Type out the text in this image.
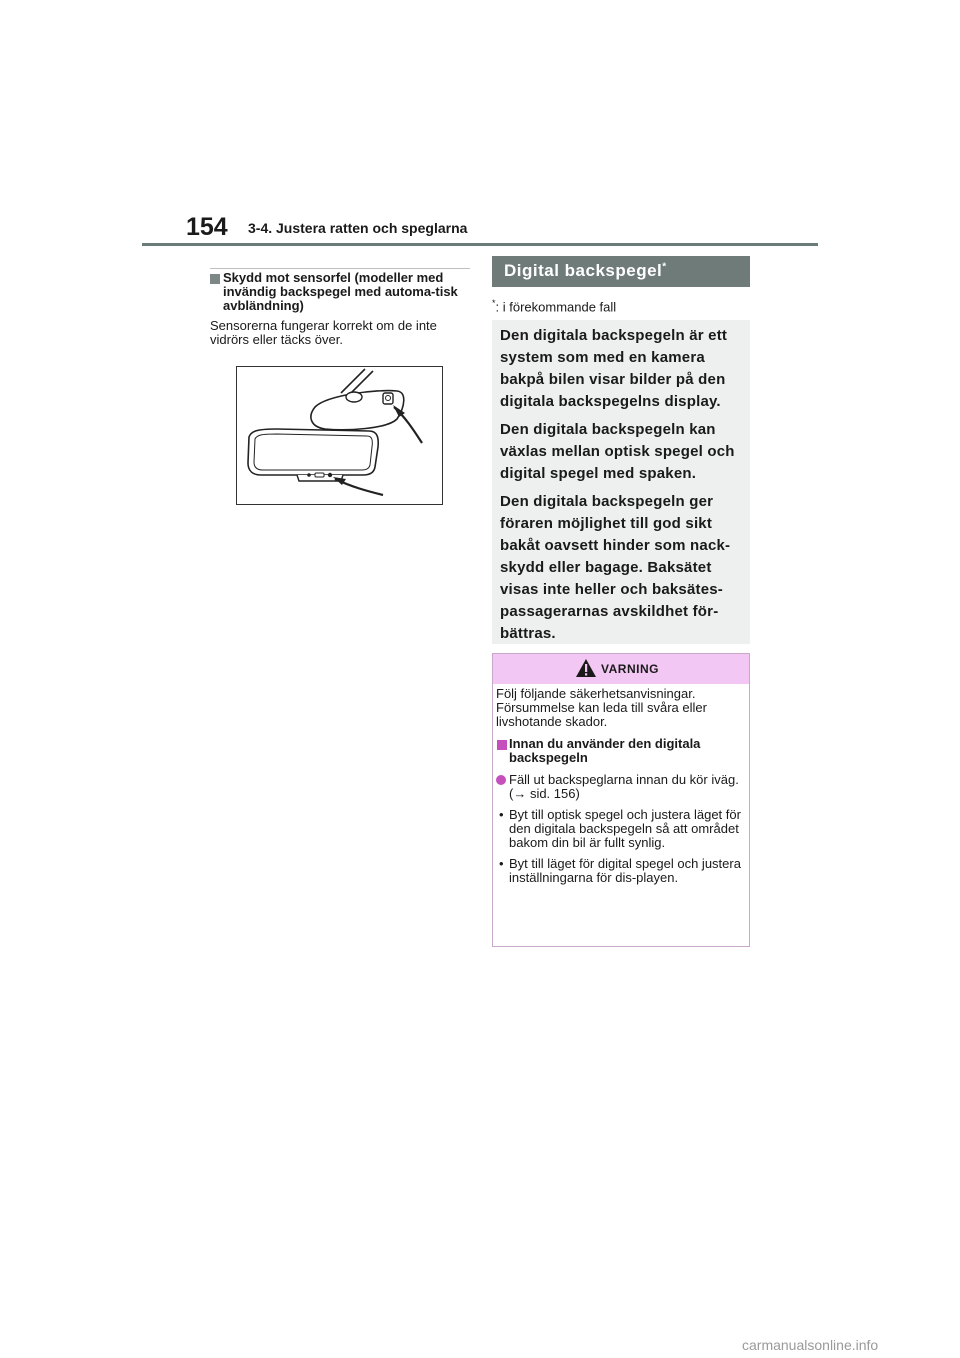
154 3-4. Justera ratten och speglarna
Skydd mot sensorfel (modeller med invändig backspegel med automa-tisk avbländning)
Sensorerna fungerar korrekt om de inte vidrörs eller täcks över.
Digital backspegel*
*: i förekommande fall

Den digitala backspegeln är ett system som med en kamera bakpå bilen visar bilder på den digitala backspegelns display.

Den digitala backspegeln kan växlas mellan optisk spegel och digital spegel med spaken.

Den digitala backspegeln ger föraren möjlighet till god sikt bakåt oavsett hinder som nack-skydd eller bagage. Baksätet visas inte heller och baksätes-passagerarnas avskildhet för-bättras.

VARNING

Följ följande säkerhetsanvisningar. Försummelse kan leda till svåra eller livshotande skador.

Innan du använder den digitala backspegeln
Fäll ut backspeglarna innan du kör iväg. (→ sid. 156)
• Byt till optisk spegel och justera läget för den digitala backspegeln så att området bakom din bil är fullt synlig.
• Byt till läget för digital spegel och justera inställningarna för dis-playen.
carmanualsonline.info
